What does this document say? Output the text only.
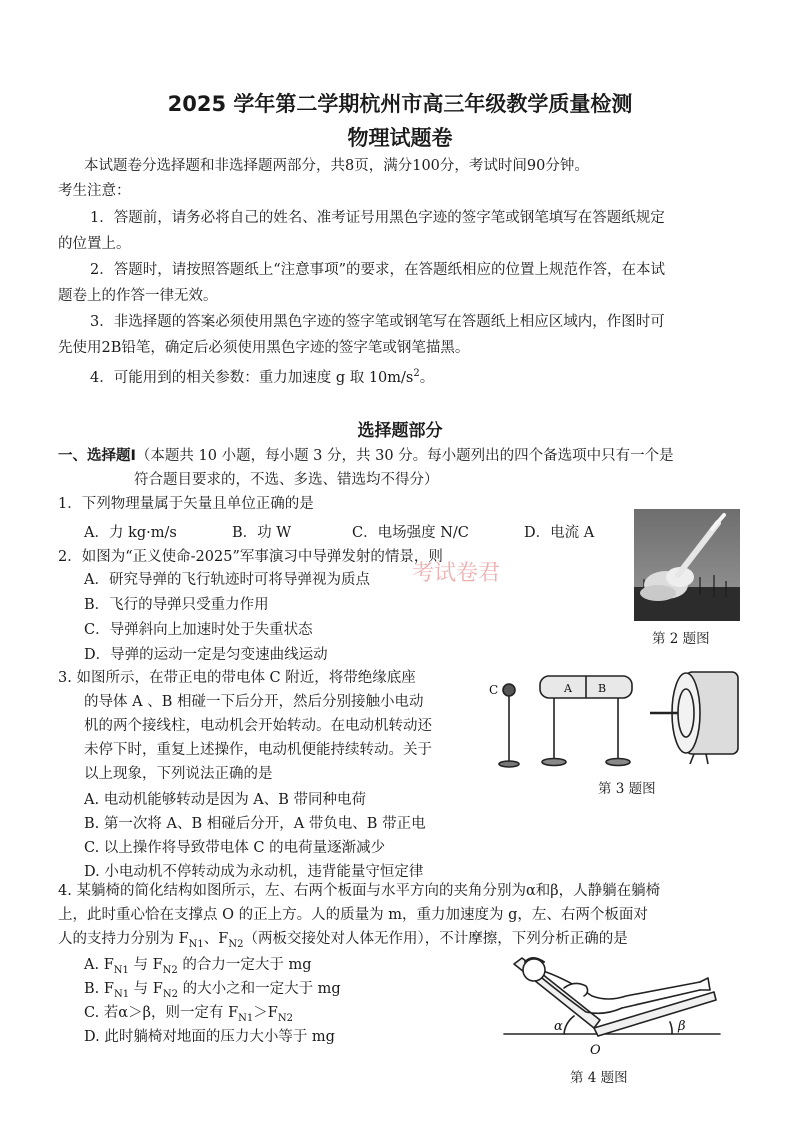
2025 学年第二学期杭州市高三年级教学质量检测
物理试题卷
本试题卷分选择题和非选择题两部分，共8页，满分100分，考试时间90分钟。
考生注意：
1．答题前，请务必将自己的姓名、准考证号用黑色字迹的签字笔或钢笔填写在答题纸规定
的位置上。
2．答题时，请按照答题纸上“注意事项”的要求，在答题纸相应的位置上规范作答，在本试
题卷上的作答一律无效。
3．非选择题的答案必须使用黑色字迹的签字笔或钢笔写在答题纸上相应区域内，作图时可
先使用2B铅笔，确定后必须使用黑色字迹的签字笔或钢笔描黑。
4．可能用到的相关参数：重力加速度 g 取 $10m/s^2$。
选择题部分
一、选择题Ⅰ（本题共 10 小题，每小题 3 分，共 30 分。每小题列出的四个备选项中只有一个是
符合题目要求的，不选、多选、错选均不得分）
1．下列物理量属于矢量且单位正确的是
A．力 kg·m/s	B．功 W	C．电场强度 N/C	D．电流 A
2．如图为“正义使命-2025”军事演习中导弹发射的情景，则
A．研究导弹的飞行轨迹时可将导弹视为质点
B．飞行的导弹只受重力作用
C．导弹斜向上加速时处于失重状态
D．导弹的运动一定是匀变速曲线运动
考试卷君
第 2 题图
3. 如图所示，在带正电的带电体 C 附近，将带绝缘底座
的导体 A 、B 相碰一下后分开，然后分别接触小电动
机的两个接线柱，电动机会开始转动。在电动机转动还
未停下时，重复上述操作，电动机便能持续转动。关于
以上现象，下列说法正确的是
A. 电动机能够转动是因为 A、B 带同种电荷
B. 第一次将 A、B 相碰后分开，A 带负电、B 带正电
C. 以上操作将导致带电体 C 的电荷量逐渐减少
D. 小电动机不停转动成为永动机，违背能量守恒定律
C	A B
第 3 题图
4. 某躺椅的简化结构如图所示，左、右两个板面与水平方向的夹角分别为α和β，人静躺在躺椅
上，此时重心恰在支撑点 O 的正上方。人的质量为 m，重力加速度为 g，左、右两个板面对
人的支持力分别为 $F_{N1}$、$F_{N2}$（两板交接处对人体无作用），不计摩擦，下列分析正确的是
A. $F_{N1}$ 与 $F_{N2}$ 的合力一定大于 mg
B. $F_{N1}$ 与 $F_{N2}$ 的大小之和一定大于 mg
C. 若α＞β，则一定有 $F_{N1}>F_{N2}$
D. 此时躺椅对地面的压力大小等于 mg
α	β
O
第 4 题图
